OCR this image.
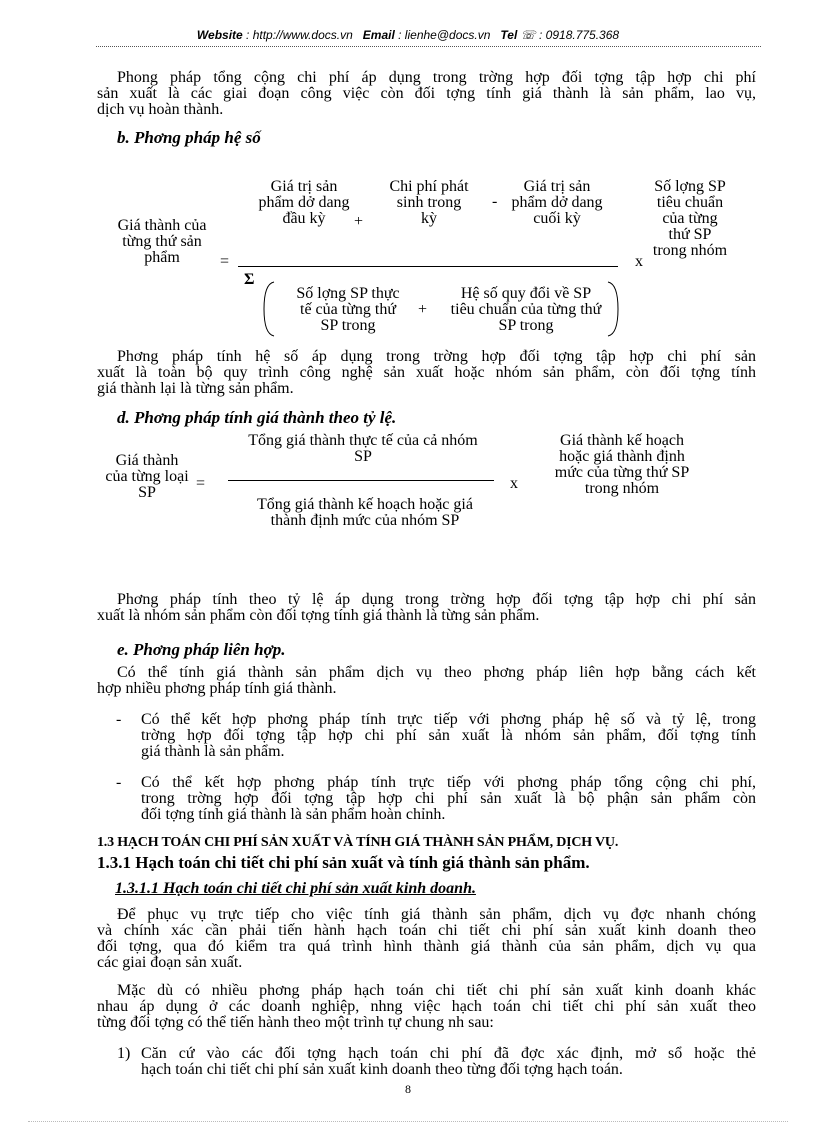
Website : http://www.docs.vn Email : lienhe@docs.vn Tel ☏ : 0918.775.368
Phong pháp tổng cộng chi phí áp dụng trong trờng hợp đối tợng tập hợp chi phí
sản xuất là các giai đoạn công việc còn đối tợng tính giá thành là sản phẩm, lao vụ,
dịch vụ hoàn thành.
b. Phơng pháp hệ số
Giá thành của từng thứ sản phẩm	=
Giá trị sản phẩm dở dang đầu kỳ	+
Chi phí phát sinh trong kỳ
-
Giá trị sản phẩm dở dang cuối kỳ
Σ
Số lợng SP thực tế của từng thứ SP trong
+
Hệ số quy đổi về SP tiêu chuẩn của từng thứ SP trong
x
Số lợng SP tiêu chuẩn của từng thứ SP trong nhóm
Phơng pháp tính hệ số áp dụng trong trờng hợp đối tợng tập hợp chi phí sản
xuất là toàn bộ quy trình công nghệ sản xuất hoặc nhóm sản phẩm, còn đối tợng tính
giá thành lại là từng sản phẩm.
d. Phơng pháp tính giá thành theo tỷ lệ.
Giá thành của từng loại SP
=
Tổng giá thành thực tế của cả nhóm SP
Tổng giá thành kế hoạch hoặc giá thành định mức của nhóm SP
x
Giá thành kế hoạch hoặc giá thành định mức của từng thứ SP trong nhóm
Phơng pháp tính theo tỷ lệ áp dụng trong trờng hợp đối tợng tập hợp chi phí sản
xuất là nhóm sản phẩm còn đối tợng tính giá thành là từng sản phẩm.
e. Phơng pháp liên hợp.
Có thể tính giá thành sản phẩm dịch vụ theo phơng pháp liên hợp bằng cách kết
hợp nhiều phơng pháp tính giá thành.
- Có thể kết hợp phơng pháp tính trực tiếp với phơng pháp hệ số và tỷ lệ, trong
trờng hợp đối tợng tập hợp chi phí sản xuất là nhóm sản phẩm, đối tợng tính
giá thành là sản phẩm.
- Có thể kết hợp phơng pháp tính trực tiếp với phơng pháp tổng cộng chi phí,
trong trờng hợp đối tợng tập hợp chi phí sản xuất là bộ phận sản phẩm còn
đối tợng tính giá thành là sản phẩm hoàn chỉnh.
1.3 HẠCH TOÁN CHI PHÍ SẢN XUẤT VÀ TÍNH GIÁ THÀNH SẢN PHẨM, DỊCH VỤ.
1.3.1 Hạch toán chi tiết chi phí sản xuất và tính giá thành sản phẩm.
1.3.1.1 Hạch toán chi tiết chi phí sản xuất kinh doanh.
Để phục vụ trực tiếp cho việc tính giá thành sản phẩm, dịch vụ đợc nhanh chóng
và chính xác cần phải tiến hành hạch toán chi tiết chi phí sản xuất kinh doanh theo
đối tợng, qua đó kiểm tra quá trình hình thành giá thành của sản phẩm, dịch vụ qua
các giai đoạn sản xuất.
Mặc dù có nhiều phơng pháp hạch toán chi tiết chi phí sản xuất kinh doanh khác
nhau áp dụng ở các doanh nghiệp, nhng việc hạch toán chi tiết chi phí sản xuất theo
từng đối tợng có thể tiến hành theo một trình tự chung nh sau:
1) Căn cứ vào các đối tợng hạch toán chi phí đã đợc xác định, mở sổ hoặc thẻ
hạch toán chi tiết chi phí sản xuất kinh doanh theo từng đối tợng hạch toán.
8
